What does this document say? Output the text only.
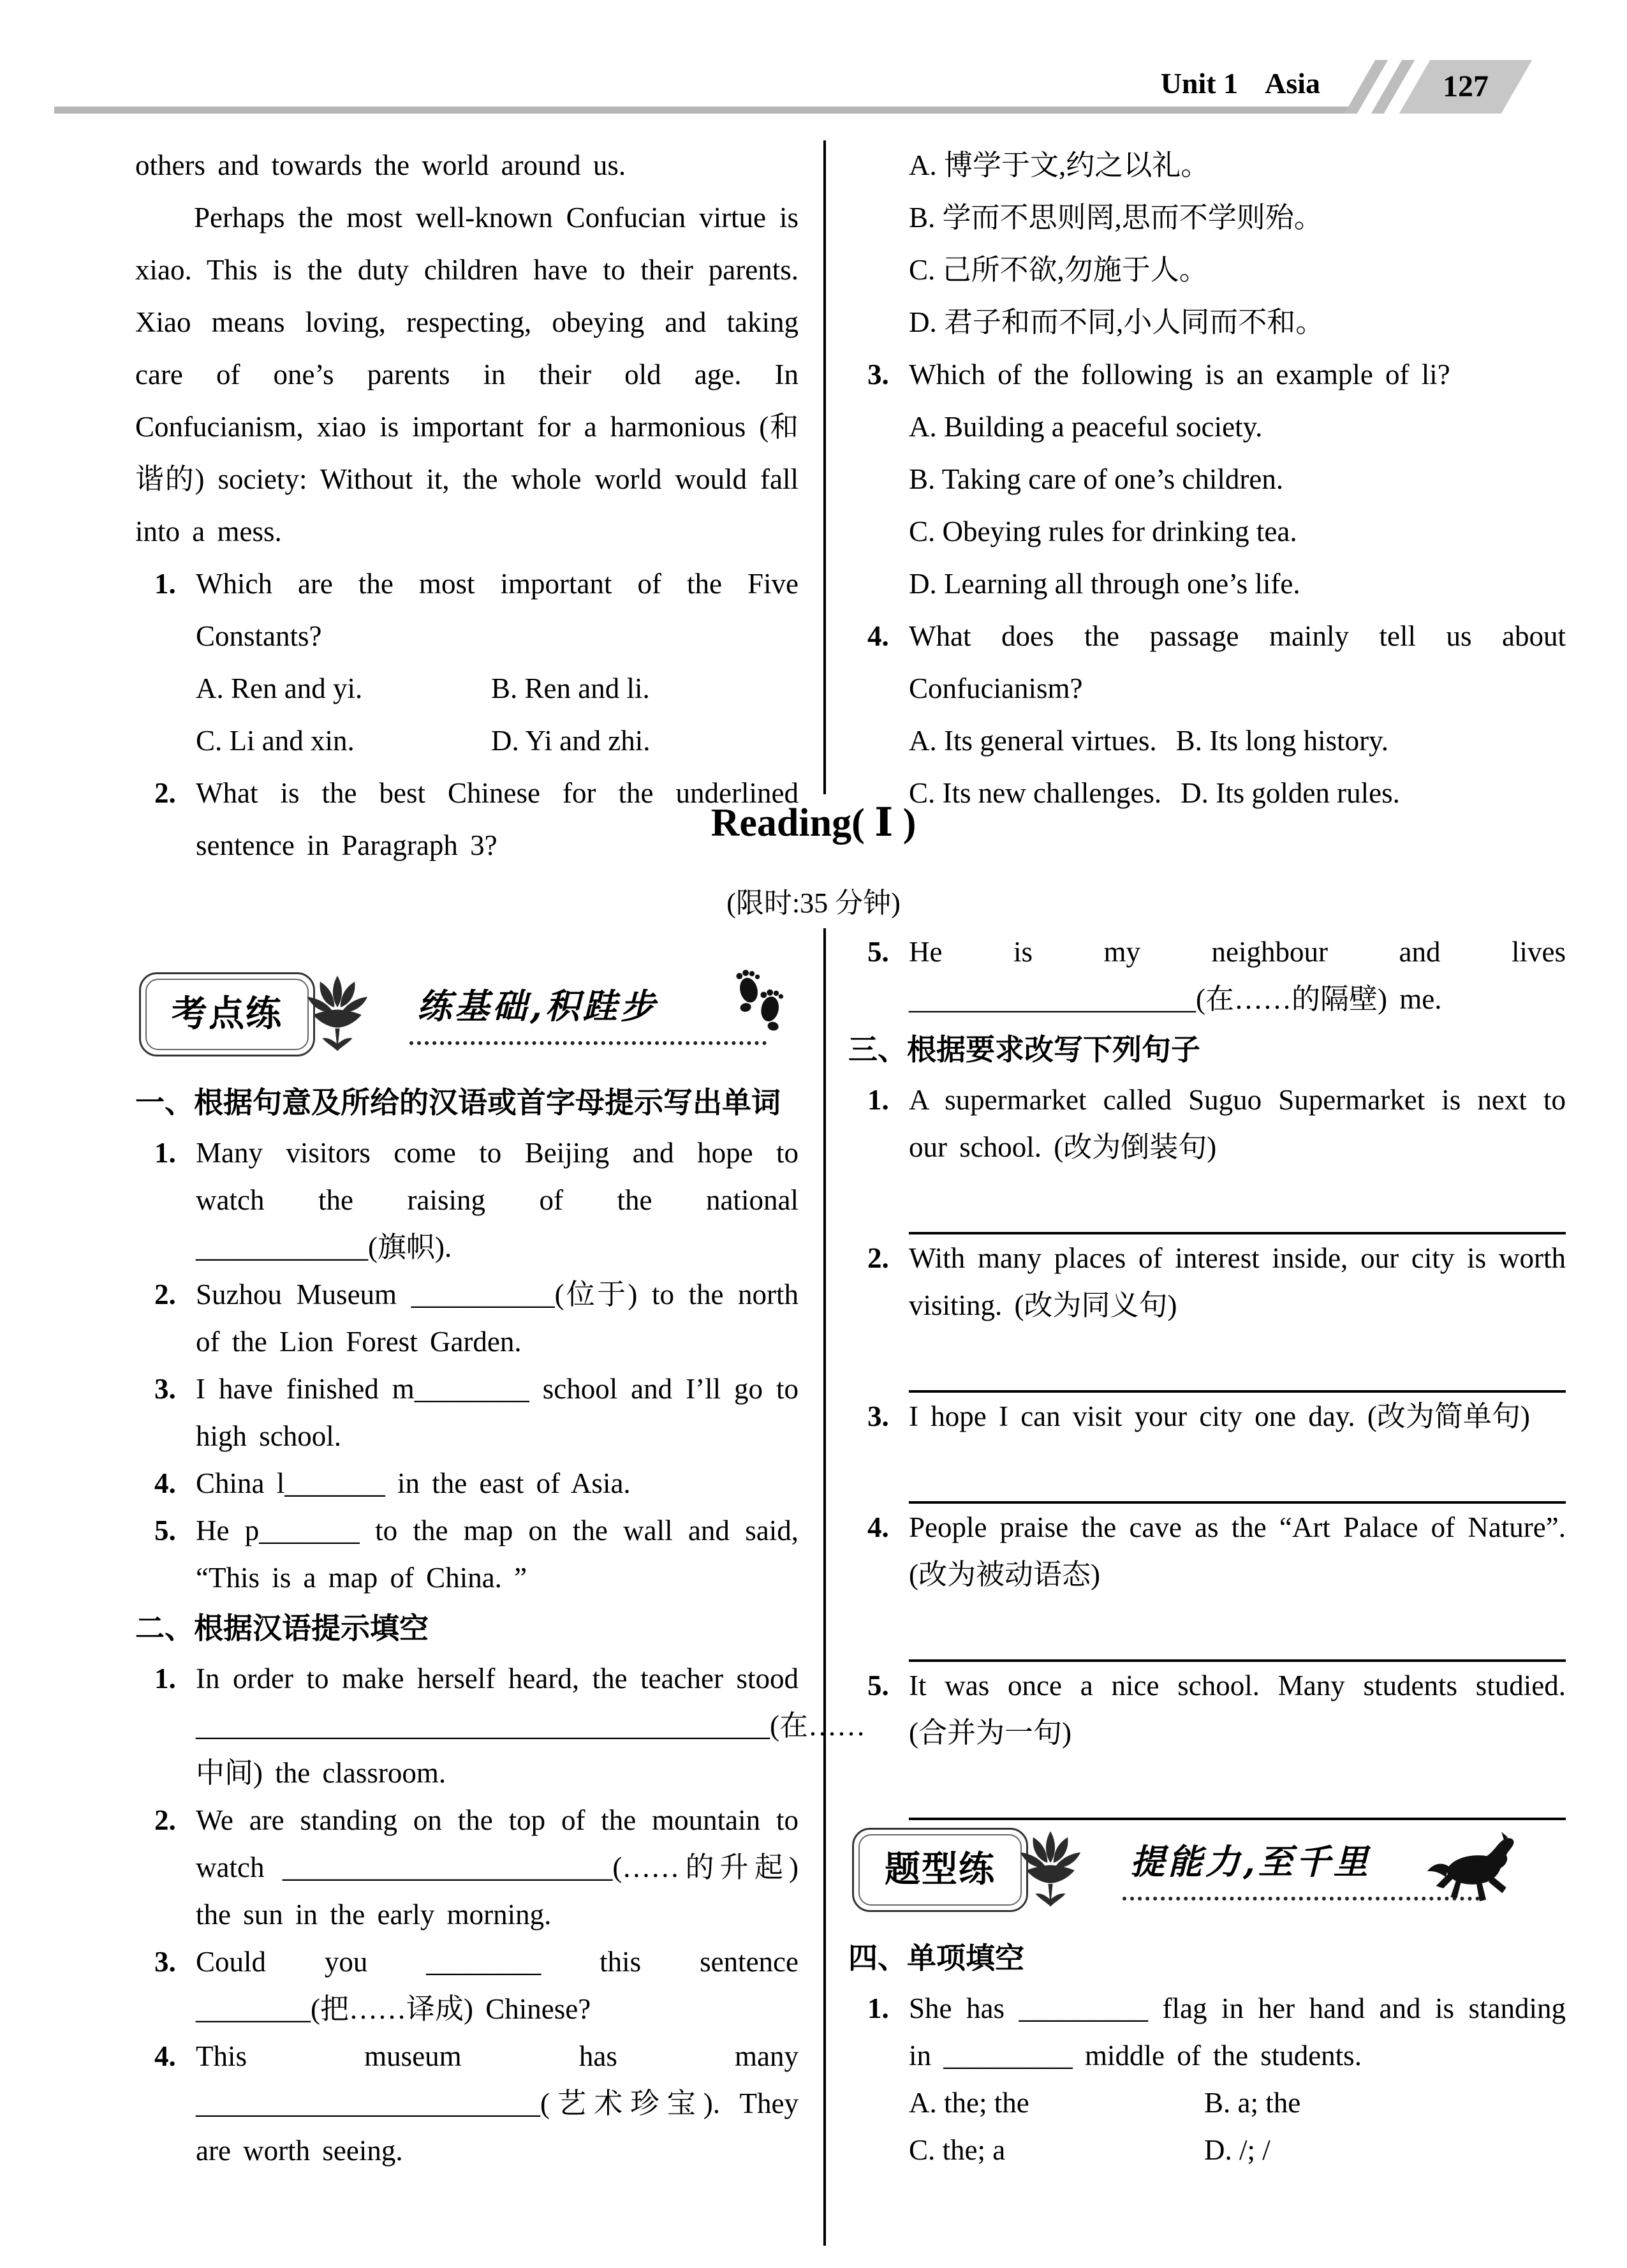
Unit 1 Asia	127
others and towards the world around us.
Perhaps the most well-known Confucian virtue is xiao. This is the duty children have to their parents. Xiao means loving, respecting, obeying and taking care of one’s parents in their old age. In Confucianism, xiao is important for a harmonious (和谐的) society: Without it, the whole world would fall into a mess.
1. Which are the most important of the Five Constants?
A. Ren and yi.	B. Ren and li.
C. Li and xin.	D. Yi and zhi.
2. What is the best Chinese for the underlined sentence in Paragraph 3?
A. 博学于文,约之以礼。
B. 学而不思则罔,思而不学则殆。
C. 己所不欲,勿施于人。
D. 君子和而不同,小人同而不和。
3. Which of the following is an example of li?
A. Building a peaceful society.
B. Taking care of one’s children.
C. Obeying rules for drinking tea.
D. Learning all through one’s life.
4. What does the passage mainly tell us about Confucianism?
A. Its general virtues. B. Its long history.
C. Its new challenges. D. Its golden rules.
Reading( Ⅰ )
(限时:35 分钟)
考点练	练基础,积跬步
一、根据句意及所给的汉语或首字母提示写出单词
1. Many visitors come to Beijing and hope to watch the raising of the national ____________(旗帜).
2. Suzhou Museum __________(位于) to the north of the Lion Forest Garden.
3. I have finished m________ school and I’ll go to high school.
4. China l_______ in the east of Asia.
5. He p_______ to the map on the wall and said, “This is a map of China. ”
二、根据汉语提示填空
1. In order to make herself heard, the teacher stood ________________________________________(在……中间) the classroom.
2. We are standing on the top of the mountain to watch _______________________(……的升起) the sun in the early morning.
3. Could you ________ this sentence ________(把……译成) Chinese?
4. This museum has many ________________________(艺术珍宝). They are worth seeing.
5. He is my neighbour and lives ____________________(在……的隔壁) me.
三、根据要求改写下列句子
1. A supermarket called Suguo Supermarket is next to our school. (改为倒装句)
2. With many places of interest inside, our city is worth visiting. (改为同义句)
3. I hope I can visit your city one day. (改为简单句)
4. People praise the cave as the “Art Palace of Nature”. (改为被动语态)
5. It was once a nice school. Many students studied. (合并为一句)
题型练	提能力,至千里
四、单项填空
1. She has _________ flag in her hand and is standing in _________ middle of the students.
A. the; the	B. a; the
C. the; a	D. /; /
